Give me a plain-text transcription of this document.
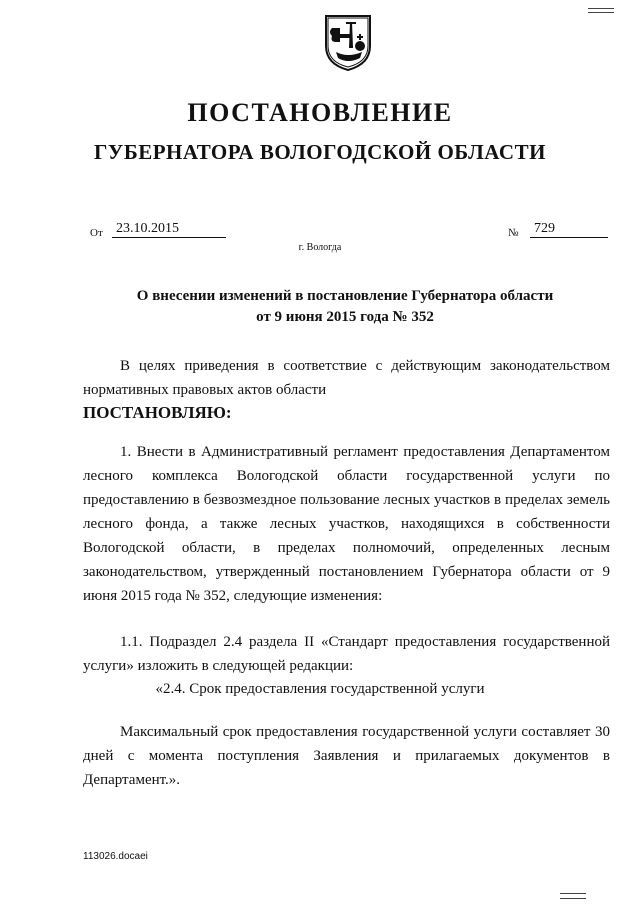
ПОСТАНОВЛЕНИЕ
ГУБЕРНАТОРА ВОЛОГОДСКОЙ ОБЛАСТИ
От 23.10.2015	№ 729
г. Вологда
О внесении изменений в постановление Губернатора области
от 9 июня 2015 года № 352
В целях приведения в соответствие с действующим законодательством нормативных правовых актов области
ПОСТАНОВЛЯЮ:
1. Внести в Административный регламент предоставления Департаментом лесного комплекса Вологодской области государственной услуги по предоставлению в безвозмездное пользование лесных участков в пределах земель лесного фонда, а также лесных участков, находящихся в собственности Вологодской области, в пределах полномочий, определенных лесным законодательством, утвержденный постановлением Губернатора области от 9 июня 2015 года № 352, следующие изменения:
1.1. Подраздел 2.4 раздела II «Стандарт предоставления государственной услуги» изложить в следующей редакции:
«2.4. Срок предоставления государственной услуги
Максимальный срок предоставления государственной услуги составляет 30 дней с момента поступления Заявления и прилагаемых документов в Департамент.».
113026.docaei
